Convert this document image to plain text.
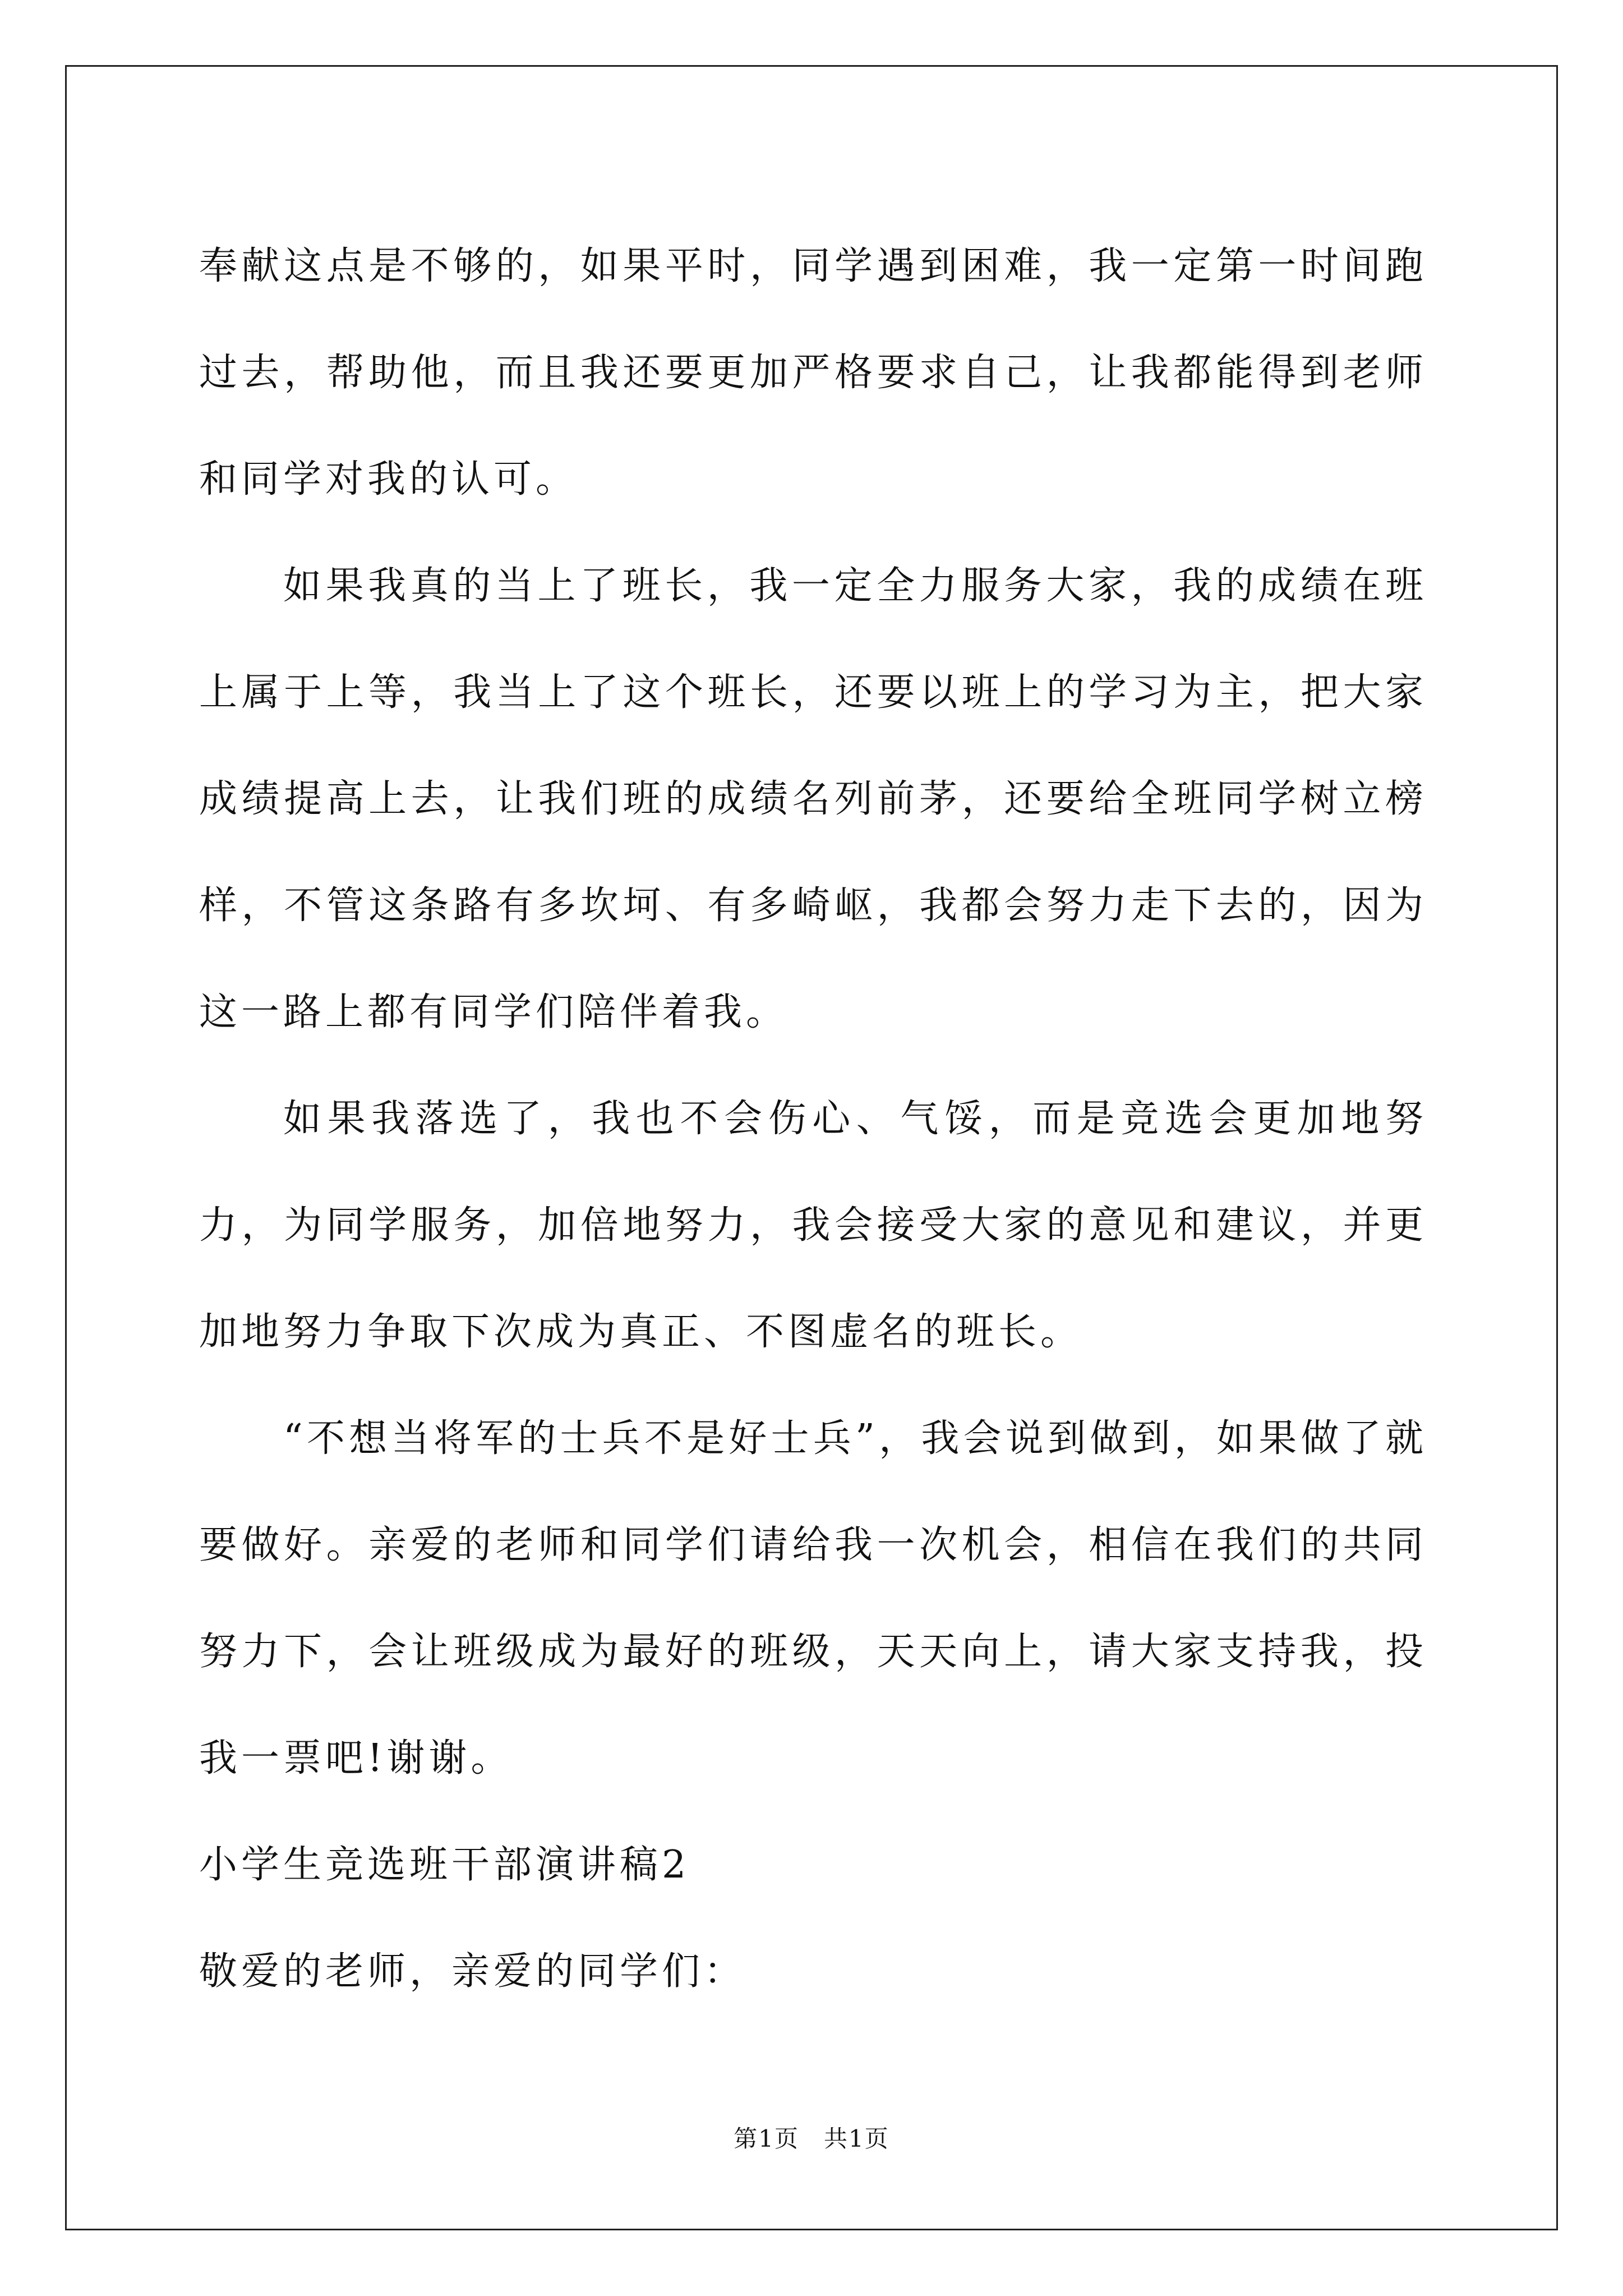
奉献这点是不够的，如果平时，同学遇到困难，我一定第一时间跑过去，帮助他，而且我还要更加严格要求自己，让我都能得到老师和同学对我的认可。

如果我真的当上了班长，我一定全力服务大家，我的成绩在班上属于上等，我当上了这个班长，还要以班上的学习为主，把大家成绩提高上去，让我们班的成绩名列前茅，还要给全班同学树立榜样，不管这条路有多坎坷、有多崎岖，我都会努力走下去的，因为这一路上都有同学们陪伴着我。

如果我落选了，我也不会伤心、气馁，而是竞选会更加地努力，为同学服务，加倍地努力，我会接受大家的意见和建议，并更加地努力争取下次成为真正、不图虚名的班长。

“不想当将军的士兵不是好士兵”，我会说到做到，如果做了就要做好。亲爱的老师和同学们请给我一次机会，相信在我们的共同努力下，会让班级成为最好的班级，天天向上，请大家支持我，投我一票吧!谢谢。

小学生竞选班干部演讲稿2

敬爱的老师，亲爱的同学们：

第1页　共1页
